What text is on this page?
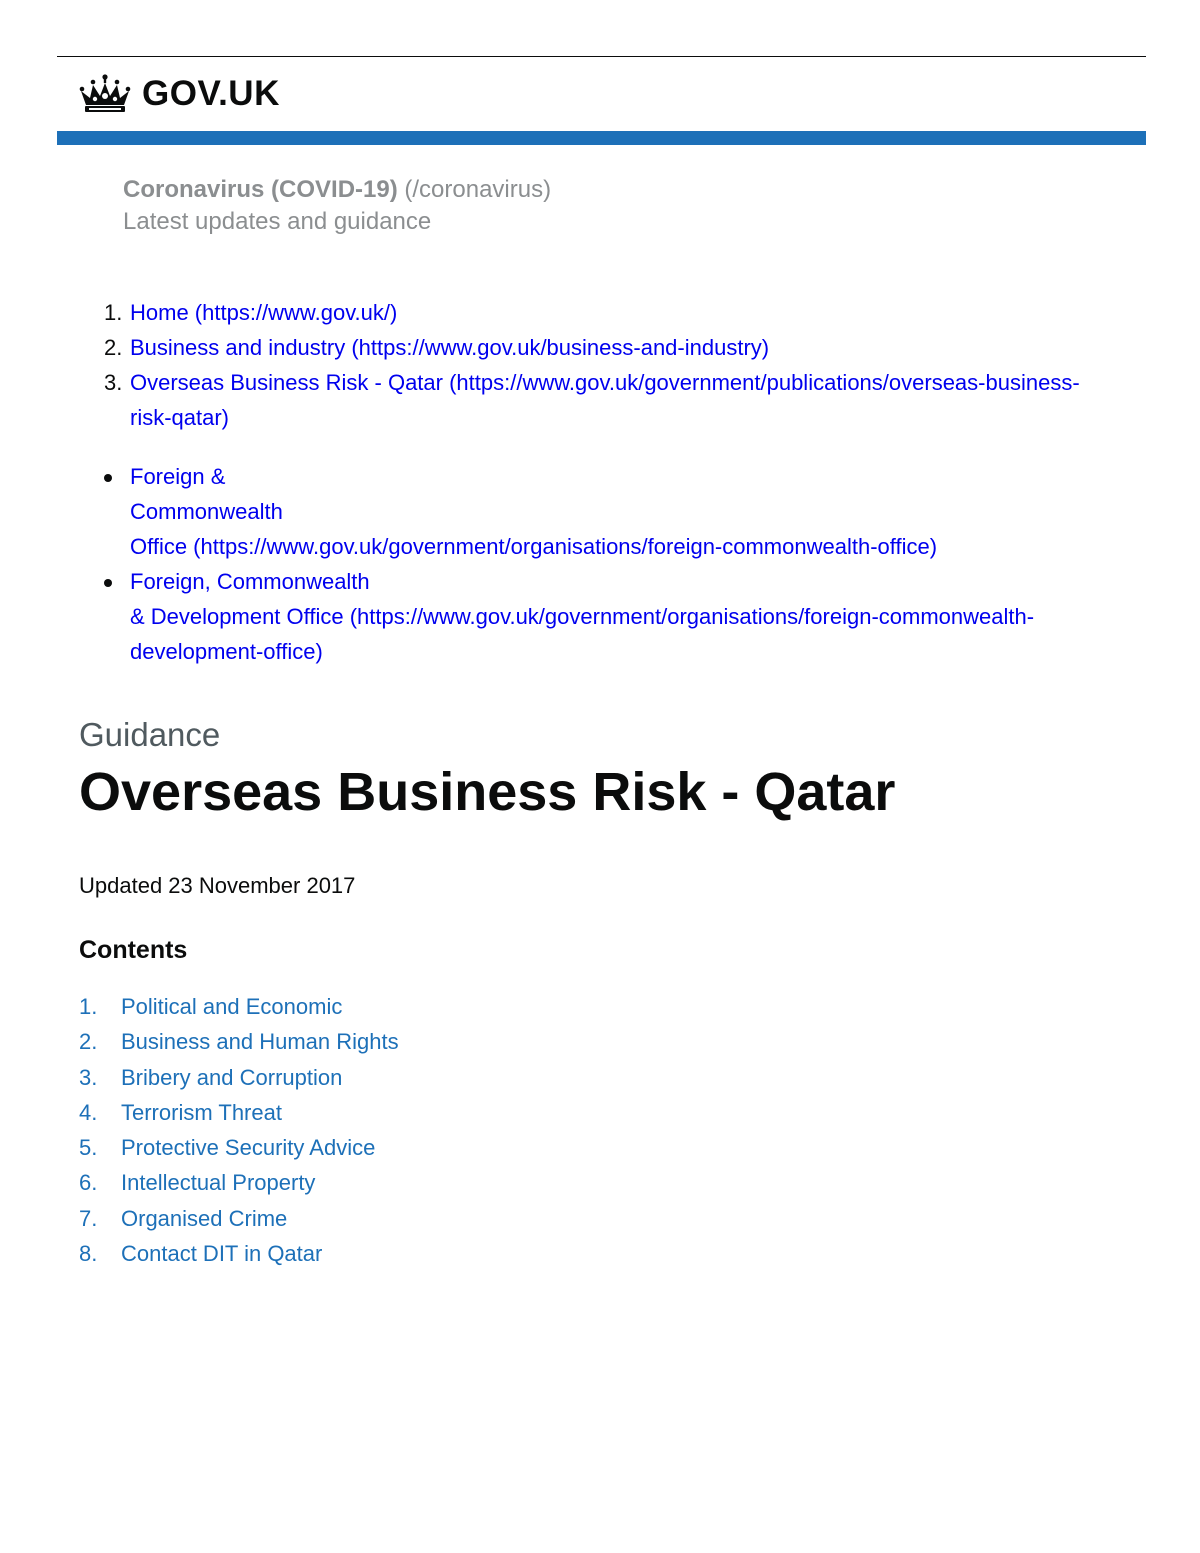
GOV.UK
Coronavirus (COVID-19) (/coronavirus)
Latest updates and guidance
1. Home (https://www.gov.uk/)
2. Business and industry (https://www.gov.uk/business-and-industry)
3. Overseas Business Risk - Qatar (https://www.gov.uk/government/publications/overseas-business-risk-qatar)
Foreign &
Commonwealth
Office (https://www.gov.uk/government/organisations/foreign-commonwealth-office)
Foreign, Commonwealth
& Development Office (https://www.gov.uk/government/organisations/foreign-commonwealth-
development-office)
Guidance
Overseas Business Risk - Qatar
Updated 23 November 2017
Contents
1. Political and Economic
2. Business and Human Rights
3. Bribery and Corruption
4. Terrorism Threat
5. Protective Security Advice
6. Intellectual Property
7. Organised Crime
8. Contact DIT in Qatar
